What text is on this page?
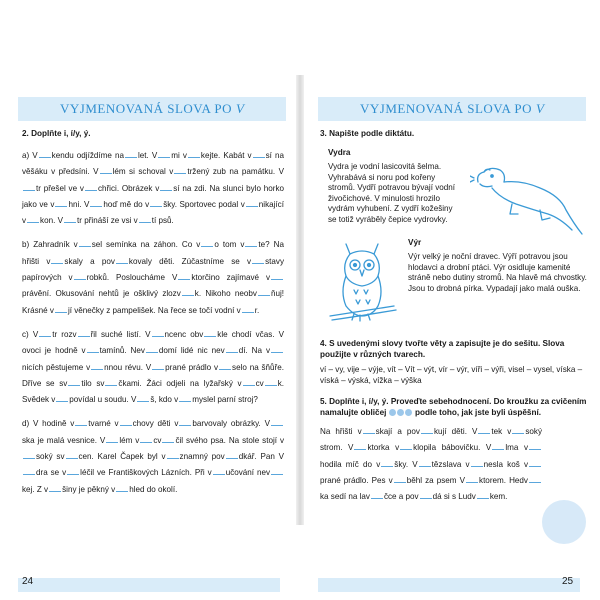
VYJMENOVANÁ SLOVA PO V

2. Doplňte i, í/y, ý.

a) V kendu odjíždíme na let. V mi v kejte. Kabát v sí na věšáku v předsíni. V lém si schoval v tržený zub na památku. Vtr přešel ve v chřici. Obrázek v sí na zdi. Na slunci bylo horko jako ve v hni. V hoď mě do v šky. Sportovec podal v nikající v kon. V tr přináší ze vsi v tí psů.

b) Zahradník v sel semínka na záhon. Co v o tom v te? Na hřišti v skaly a pov kovaly děti. Zúčastníme se v stavy papírových v robků. Posloucháme V ktorčino zajímavé vprávění. Okusování nehtů je ošklivý zlozv k. Nikoho neobv ňuj! Krásné v jí věnečky z pampelišek. Na řece se točí vodní v r.

c) V tr rozv řil suché listí. V ncenc obv kle chodí včas. V ovoci je hodně v tamínů. Nev domí lidé nic nev dí. Na vnicích pěstujeme v nnou révu. V prané prádlo v selo na šňůře. Dříve se sv tilo sv čkami. Žáci odjeli na lyžařský v cv k. Svědek v povídal u soudu. V š, kdo v myslel parní stroj?

d) V hodině v tvarné v chovy děti v barvovaly obrázky. Vska je malá vesnice. V lém v cv čil svého psa. Na stole stojí vsoký sv cen. Karel Čapek byl v znamný pov dkář. Pan Vdra se v léčil ve Františkových Lázních. Při v učování nevkej. Z v šiny je pěkný v hled do okolí.

24
VYJMENOVANÁ SLOVA PO V

3. Napište podle diktátu.

Vydra

Vydra je vodní lasicovitá šelma. Vyhrabává si noru pod kořeny stromů. Vydří potravou bývají vodní živočichové. V minulosti hrozilo vydrám vyhubení. Z vydří kožešiny se totiž vyráběly čepice vydrovky.

Výr

Výr velký je noční dravec. Výří potravou jsou hlodavci a drobní ptáci. Výr osidluje kamenité stráně nebo dutiny stromů. Na hlavě má chvostky. Jsou to drobná pírka. Vypadají jako malá ouška.

4. S uvedenými slovy tvořte věty a zapisujte je do sešitu. Slova použijte v různých tvarech.

ví – vy, vije – výje, vít – Vít – výt, vír – výr, víři – výři, visel – vysel, víska – víská – výská, vížka – výška

5. Doplňte i, í/y, ý. Proveďte sebehodnocení. Do kroužku za cvičením namalujte obličej	podle toho, jak jste byli úspěšní.

Na hřišti v skají a pov kují děti. V tek v soký strom. V ktorka v klopila bábovičku. V lma vhodila míč do v šky. V tězslava v nesla koš vprané prádlo. Pes v běhl za psem V ktorem. Hedvka sedí na lav čce a pov dá si s Ludv kem.

25
